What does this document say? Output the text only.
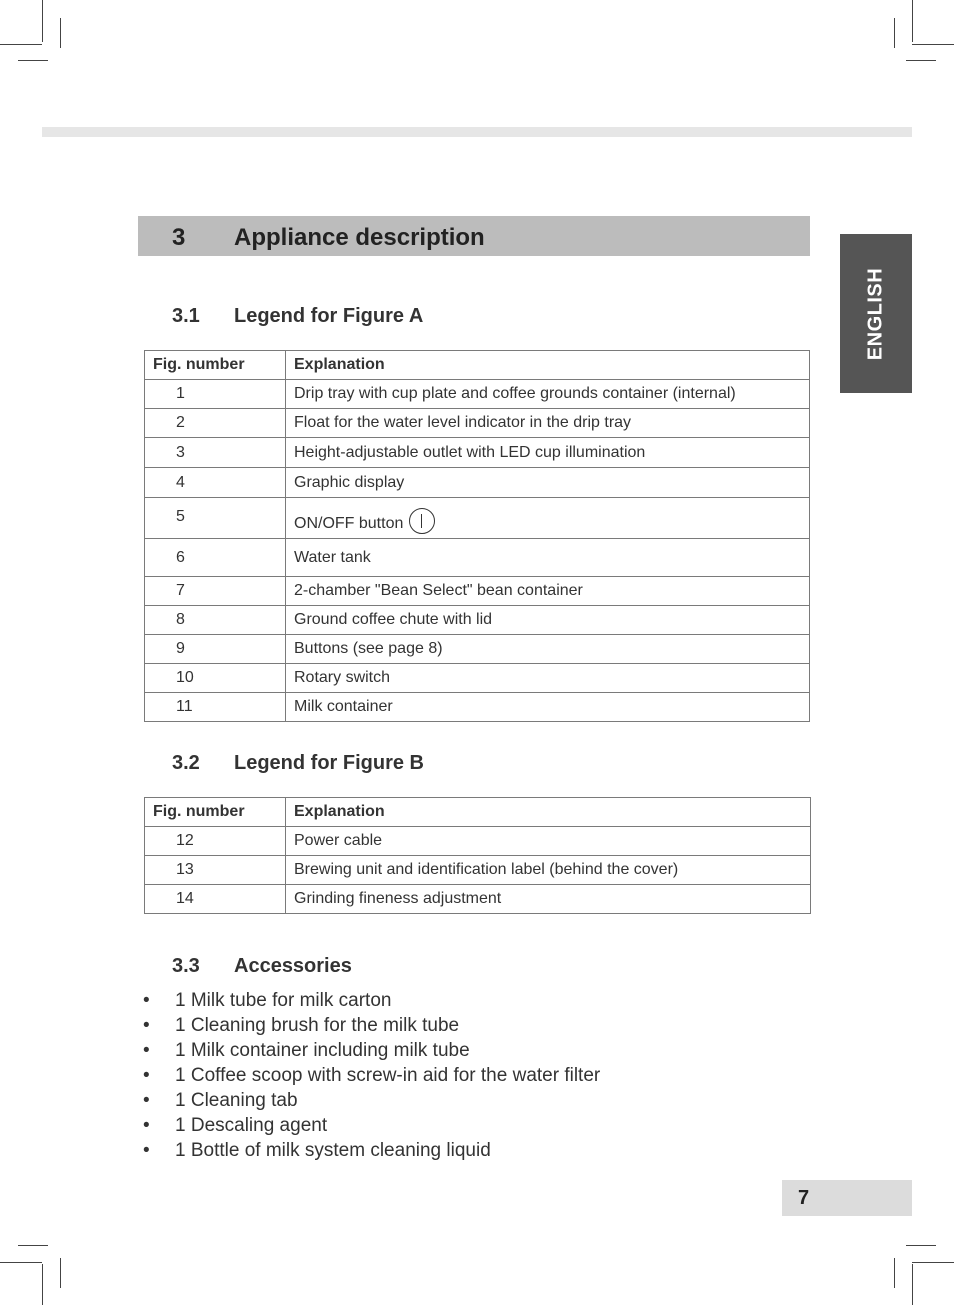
ENGLISH
3 Appliance description
3.1 Legend for Figure A
Fig. number	Explanation
1	Drip tray with cup plate and coffee grounds container (internal)
2	Float for the water level indicator in the drip tray
3	Height-adjustable outlet with LED cup illumination
4	Graphic display
5	ON/OFF button
6	Water tank
7	2-chamber "Bean Select" bean container
8	Ground coffee chute with lid
9	Buttons (see page 8)
10	Rotary switch
11	Milk container
3.2 Legend for Figure B
Fig. number	Explanation
12	Power cable
13	Brewing unit and identification label (behind the cover)
14	Grinding fineness adjustment
3.3 Accessories
• 1 Milk tube for milk carton
• 1 Cleaning brush for the milk tube
• 1 Milk container including milk tube
• 1 Coffee scoop with screw-in aid for the water filter
• 1 Cleaning tab
• 1 Descaling agent
• 1 Bottle of milk system cleaning liquid
7
